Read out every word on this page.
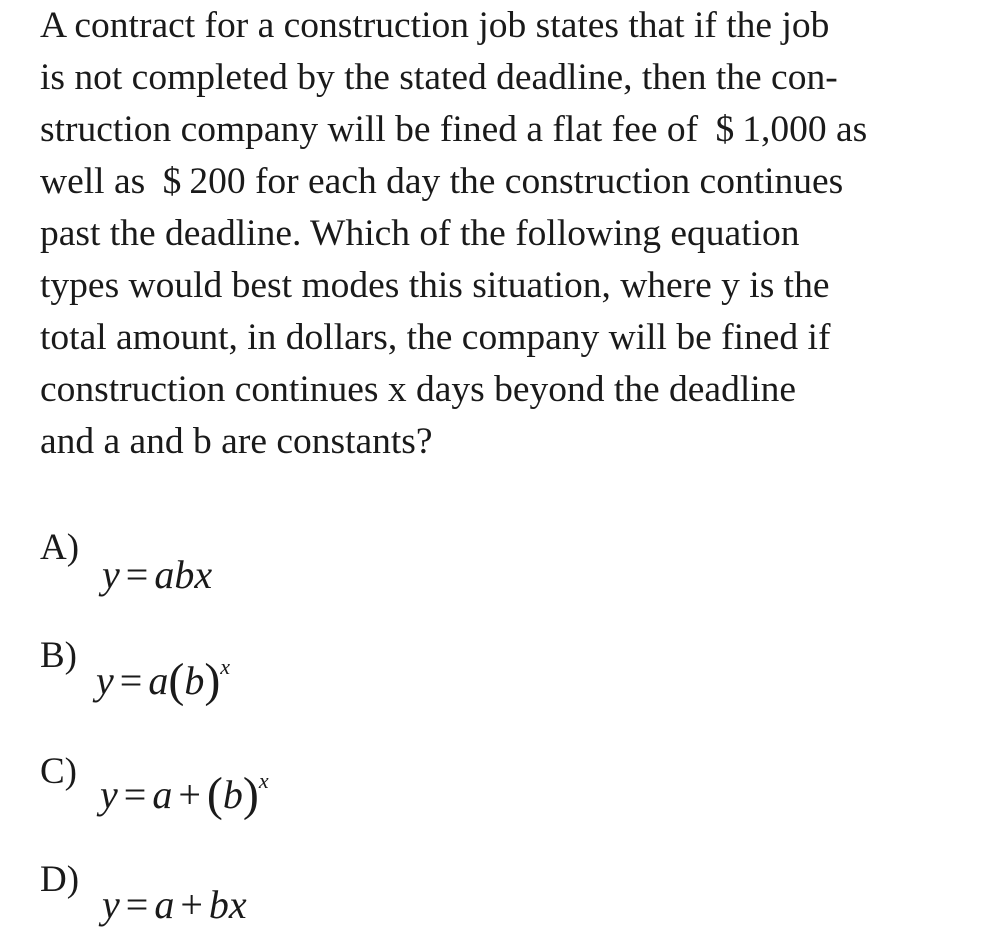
A contract for a construction job states that if the job
is not completed by the stated deadline, then the con-
struction company will be fined a flat fee of $ 1,000 as
well as $ 200 for each day the construction continues
past the deadline. Which of the following equation
types would best modes this situation, where y is the
total amount, in dollars, the company will be fined if
construction continues x days beyond the deadline
and a and b are constants?
A)
y = abx
B)
$y = a(b)^x$
C)
$y = a + (b)^x$
D)
y = a + bx
